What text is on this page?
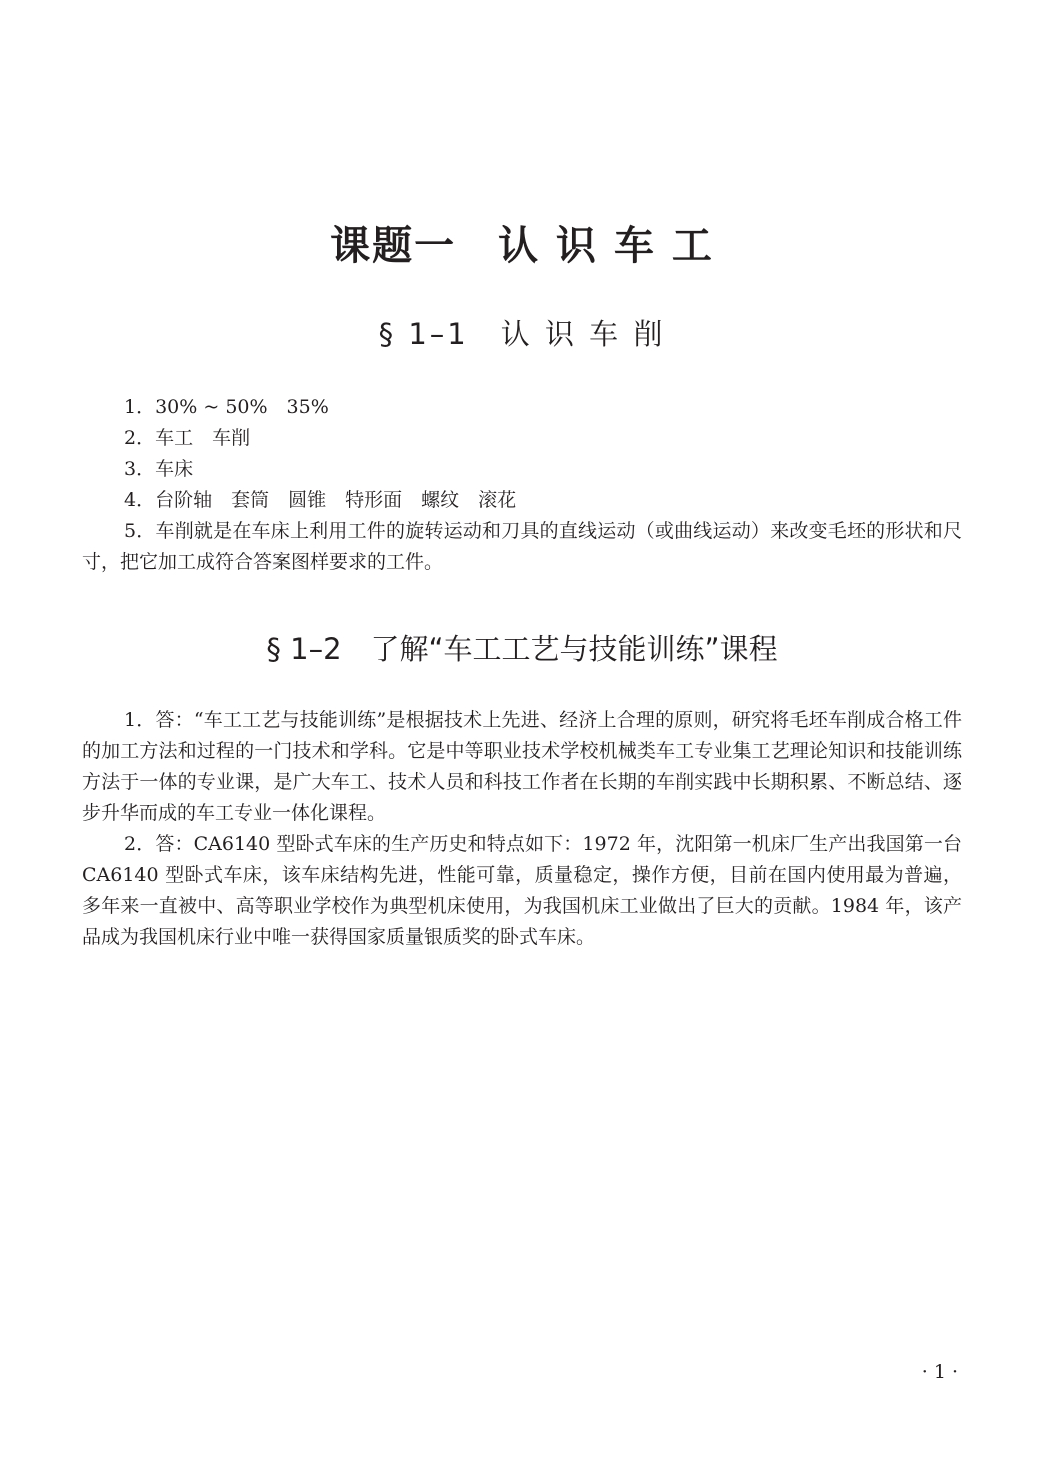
课题一　认 识 车 工
§ 1–1　认 识 车 削

1．30% ~ 50%　35%

2．车工　车削

3．车床

4．台阶轴　套筒　圆锥　特形面　螺纹　滚花

5．车削就是在车床上利用工件的旋转运动和刀具的直线运动（或曲线运动）来改变毛坯的形状和尺寸，把它加工成符合答案图样要求的工件。

§ 1–2　了解“车工工艺与技能训练”课程

1．答：“车工工艺与技能训练”是根据技术上先进、经济上合理的原则，研究将毛坯车削成合格工件的加工方法和过程的一门技术和学科。它是中等职业技术学校机械类车工专业集工艺理论知识和技能训练方法于一体的专业课，是广大车工、技术人员和科技工作者在长期的车削实践中长期积累、不断总结、逐步升华而成的车工专业一体化课程。

2．答：CA6140 型卧式车床的生产历史和特点如下：1972 年，沈阳第一机床厂生产出我国第一台 CA6140 型卧式车床，该车床结构先进，性能可靠，质量稳定，操作方便，目前在国内使用最为普遍，多年来一直被中、高等职业学校作为典型机床使用，为我国机床工业做出了巨大的贡献。1984 年，该产品成为我国机床行业中唯一获得国家质量银质奖的卧式车床。

· 1 ·
